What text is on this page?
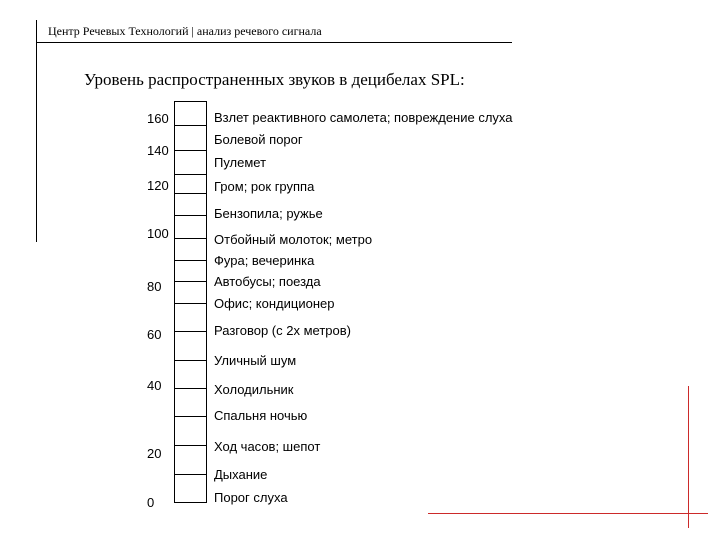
Центр Речевых Технологий | анализ речевого сигнала
Уровень распространенных звуков в децибелах SPL:
160
140
120
100
80
60
40
20
0
Взлет реактивного самолета; повреждение слуха
Болевой порог
Пулемет
Гром; рок группа
Бензопила; ружье
Отбойный молоток; метро
Фура; вечеринка
Автобусы; поезда
Офис; кондиционер
Разговор (с 2х метров)
Уличный шум
Холодильник
Спальня ночью
Ход часов; шепот
Дыхание
Порог слуха
